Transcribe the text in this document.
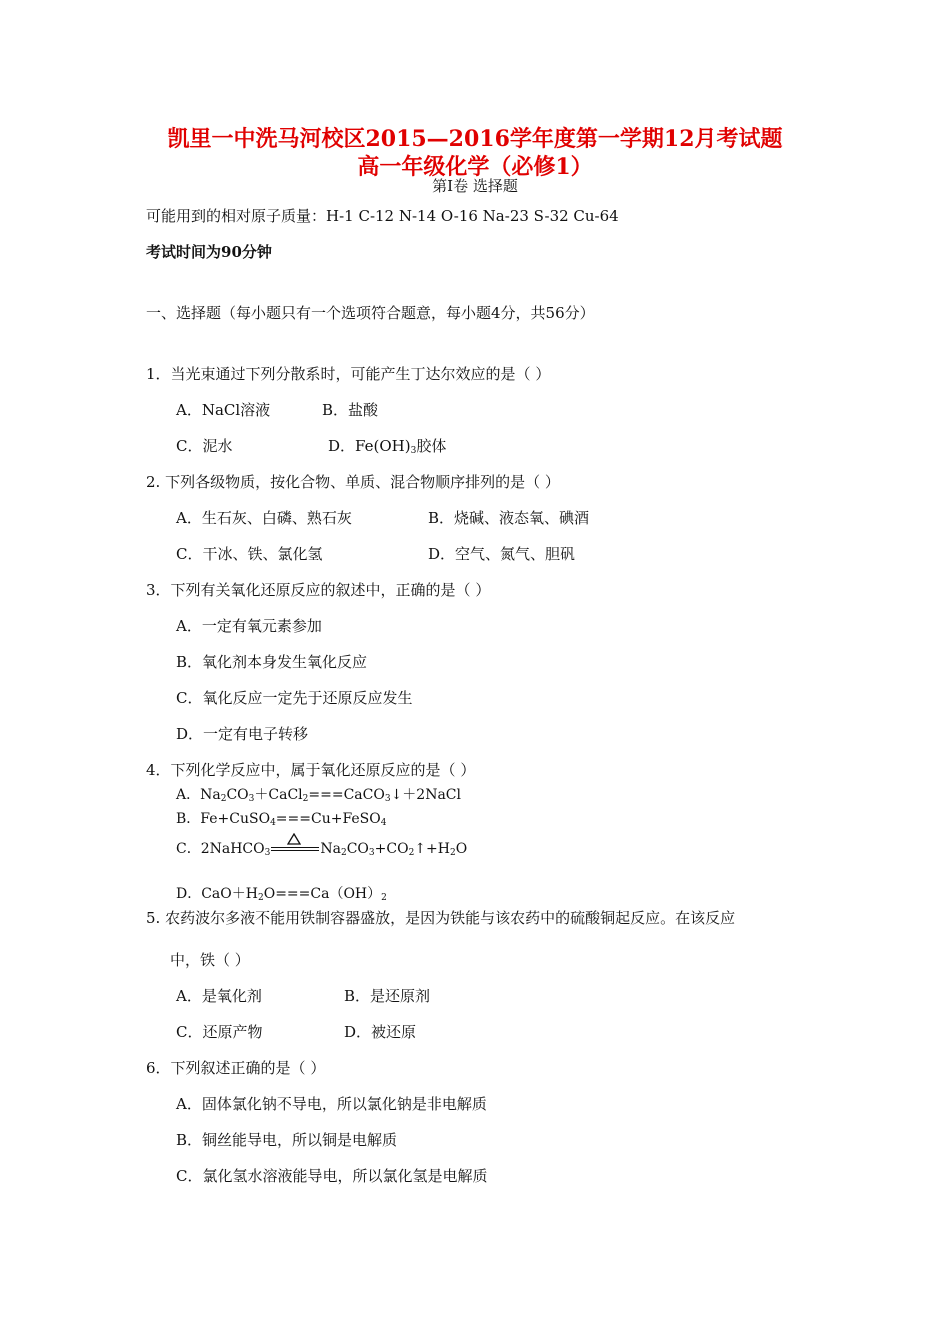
凯里一中洗马河校区2015—2016学年度第一学期12月考试题
高一年级化学（必修1）
第Ⅰ卷 选择题
可能用到的相对原子质量：H-1 C-12 N-14 O-16 Na-23 S-32 Cu-64
考试时间为90分钟
一、选择题（每小题只有一个选项符合题意，每小题4分，共56分）
1．当光束通过下列分散系时，可能产生丁达尔效应的是（ ）
A．NaCl溶液	B．盐酸
C．泥水	D．$Fe(OH)_3$胶体
2. 下列各级物质，按化合物、单质、混合物顺序排列的是（ ）
A．生石灰、白磷、熟石灰	B．烧碱、液态氧、碘酒
C．干冰、铁、氯化氢	D．空气、氮气、胆矾
3．下列有关氧化还原反应的叙述中，正确的是（ ）
A．一定有氧元素参加
B．氧化剂本身发生氧化反应
C．氧化反应一定先于还原反应发生
D．一定有电子转移
4．下列化学反应中，属于氧化还原反应的是（ ）
A．$Na_2CO_3+CaCl_2===CaCO_3↓+2NaCl$
B．Fe+CuSO$_4$===Cu+FeSO$_4$
C．2NaHCO$_3$	$Na_2CO_3+CO_2↑+H_2O$
D．$CaO+H_2O===Ca(OH)_2$
5. 农药波尔多液不能用铁制容器盛放，是因为铁能与该农药中的硫酸铜起反应。在该反应
中，铁（ ）
A．是氧化剂	B．是还原剂
C．还原产物	D．被还原
6．下列叙述正确的是（ ）
A．固体氯化钠不导电，所以氯化钠是非电解质
B．铜丝能导电，所以铜是电解质
C．氯化氢水溶液能导电，所以氯化氢是电解质
